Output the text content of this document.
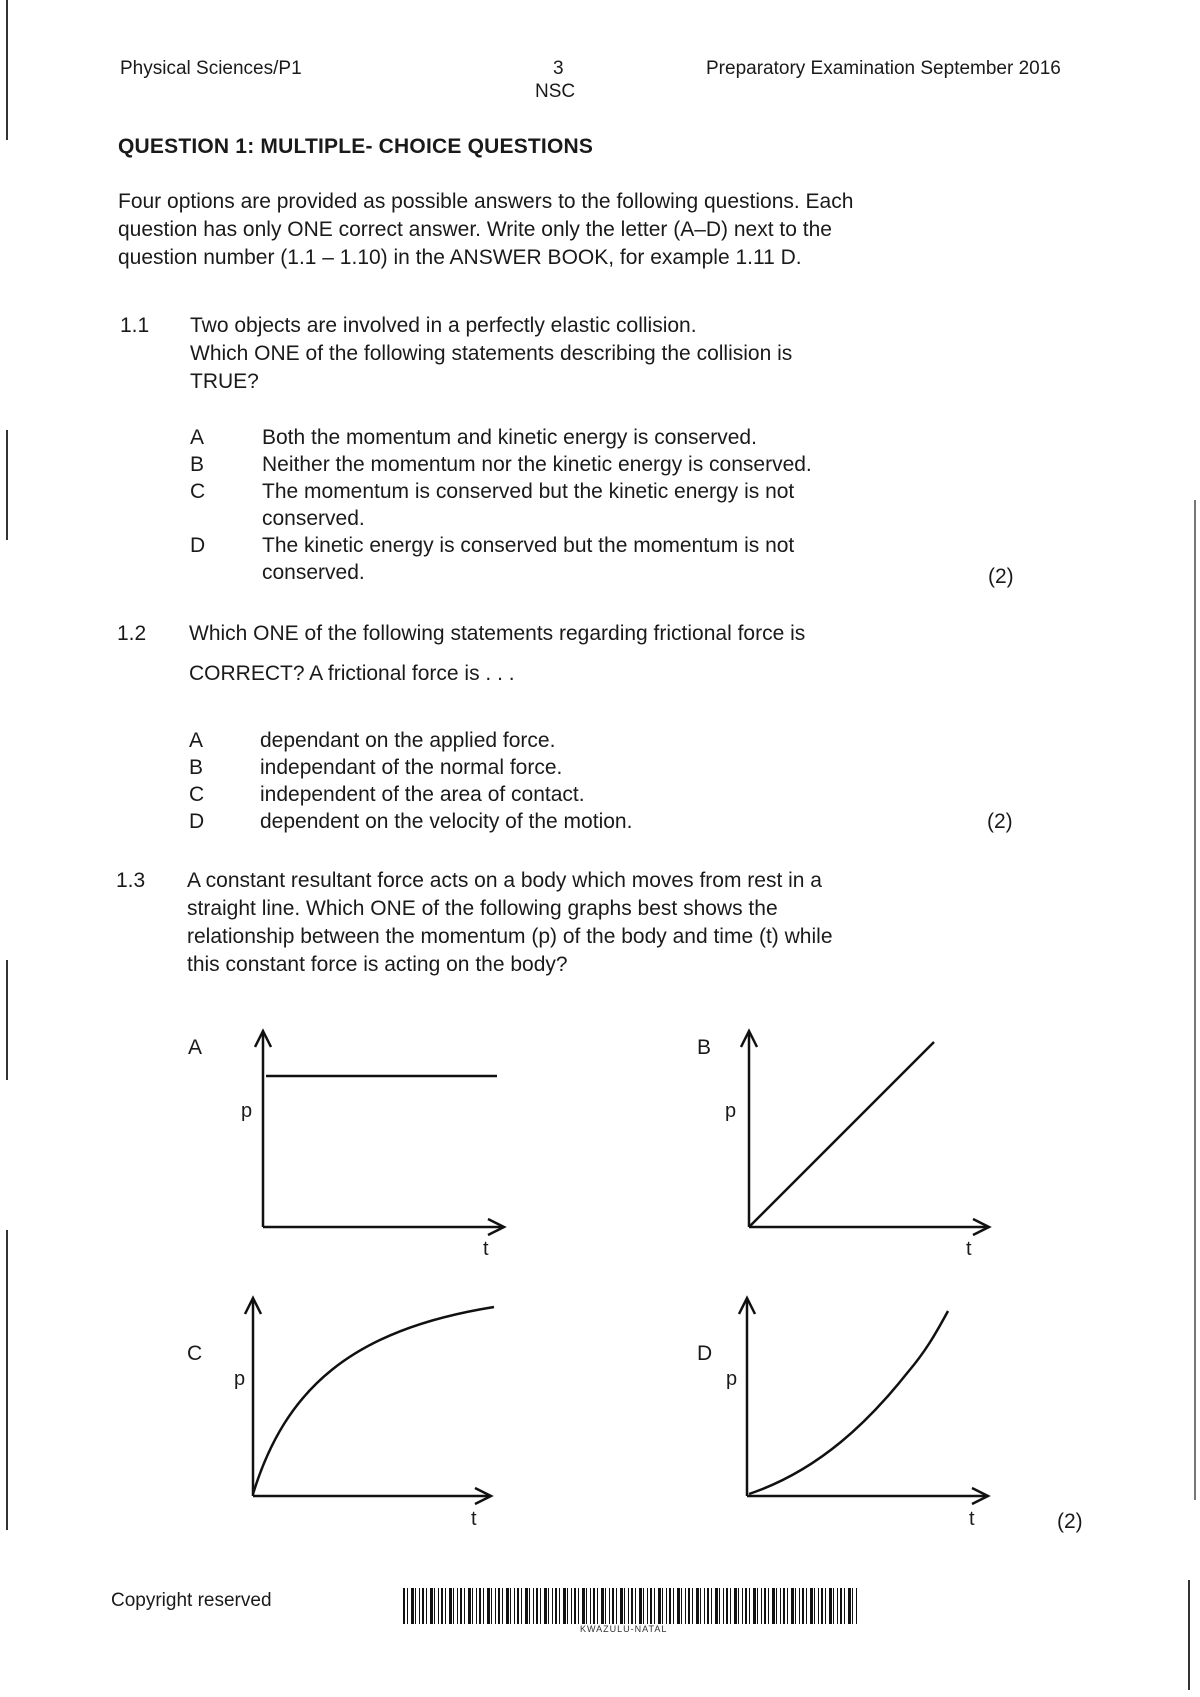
Physical Sciences/P1	3
NSC
Preparatory Examination September 2016
QUESTION 1: MULTIPLE- CHOICE QUESTIONS
Four options are provided as possible answers to the following questions. Each
question has only ONE correct answer. Write only the letter (A–D) next to the
question number (1.1 – 1.10) in the ANSWER BOOK, for example 1.11 D.
1.1 Two objects are involved in a perfectly elastic collision.
Which ONE of the following statements describing the collision is
TRUE?
A	Both the momentum and kinetic energy is conserved.
B	Neither the momentum nor the kinetic energy is conserved.
C	The momentum is conserved but the kinetic energy is not
conserved.
D	The kinetic energy is conserved but the momentum is not
conserved.	(2)
1.2 Which ONE of the following statements regarding frictional force is
CORRECT? A frictional force is . . .
A	dependant on the applied force.
B	independant of the normal force.
C	independent of the area of contact.
D	dependent on the velocity of the motion.	(2)
1.3 A constant resultant force acts on a body which moves from rest in a
straight line. Which ONE of the following graphs best shows the
relationship between the momentum (p) of the body and time (t) while
this constant force is acting on the body?
A
p
t
B
p
t
C
p
t
D
p
t	(2)
Copyright reserved
KWAZULU-NATAL
